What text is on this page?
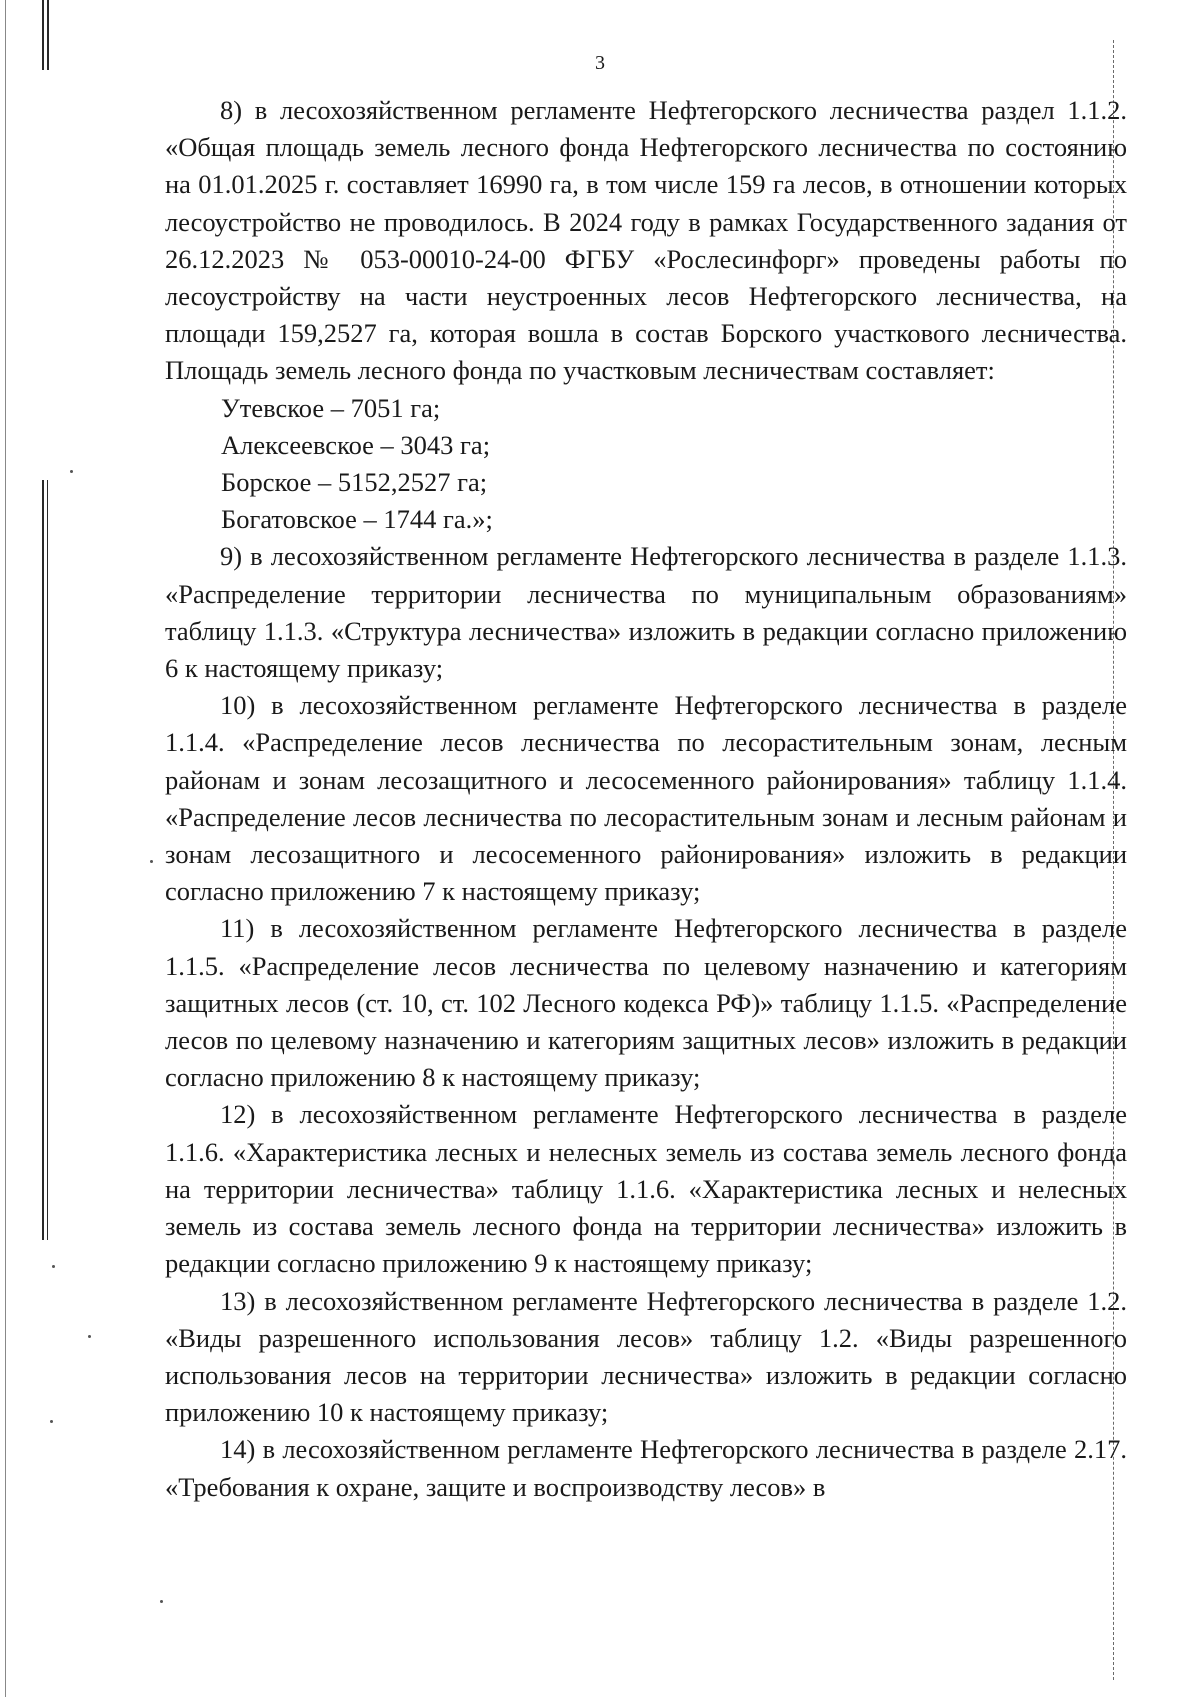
3

8) в лесохозяйственном регламенте Нефтегорского лесничества раздел 1.1.2. «Общая площадь земель лесного фонда Нефтегорского лесничества по состоянию на 01.01.2025 г. составляет 16990 га, в том числе 159 га лесов, в отношении которых лесоустройство не проводилось. В 2024 году в рамках Государственного задания от 26.12.2023 № 053-00010-24-00 ФГБУ «Рослесинфорг» проведены работы по лесоустройству на части неустроенных лесов Нефтегорского лесничества, на площади 159,2527 га, которая вошла в состав Борского участкового лесничества. Площадь земель лесного фонда по участковым лесничествам составляет:

Утевское – 7051 га;

Алексеевское – 3043 га;

Борское – 5152,2527 га;

Богатовское – 1744 га.»;

9) в лесохозяйственном регламенте Нефтегорского лесничества в разделе 1.1.3. «Распределение территории лесничества по муниципальным образованиям» таблицу 1.1.3. «Структура лесничества» изложить в редакции согласно приложению 6 к настоящему приказу;

10) в лесохозяйственном регламенте Нефтегорского лесничества в разделе 1.1.4. «Распределение лесов лесничества по лесорастительным зонам, лесным районам и зонам лесозащитного и лесосеменного районирования» таблицу 1.1.4. «Распределение лесов лесничества по лесорастительным зонам и лесным районам и зонам лесозащитного и лесосеменного районирования» изложить в редакции согласно приложению 7 к настоящему приказу;

11) в лесохозяйственном регламенте Нефтегорского лесничества в разделе 1.1.5. «Распределение лесов лесничества по целевому назначению и категориям защитных лесов (ст. 10, ст. 102 Лесного кодекса РФ)» таблицу 1.1.5. «Распределение лесов по целевому назначению и категориям защитных лесов» изложить в редакции согласно приложению 8 к настоящему приказу;

12) в лесохозяйственном регламенте Нефтегорского лесничества в разделе 1.1.6. «Характеристика лесных и нелесных земель из состава земель лесного фонда на территории лесничества» таблицу 1.1.6. «Характеристика лесных и нелесных земель из состава земель лесного фонда на территории лесничества» изложить в редакции согласно приложению 9 к настоящему приказу;

13) в лесохозяйственном регламенте Нефтегорского лесничества в разделе 1.2. «Виды разрешенного использования лесов» таблицу 1.2. «Виды разрешенного использования лесов на территории лесничества» изложить в редакции согласно приложению 10 к настоящему приказу;

14) в лесохозяйственном регламенте Нефтегорского лесничества в разделе 2.17. «Требования к охране, защите и воспроизводству лесов» в
